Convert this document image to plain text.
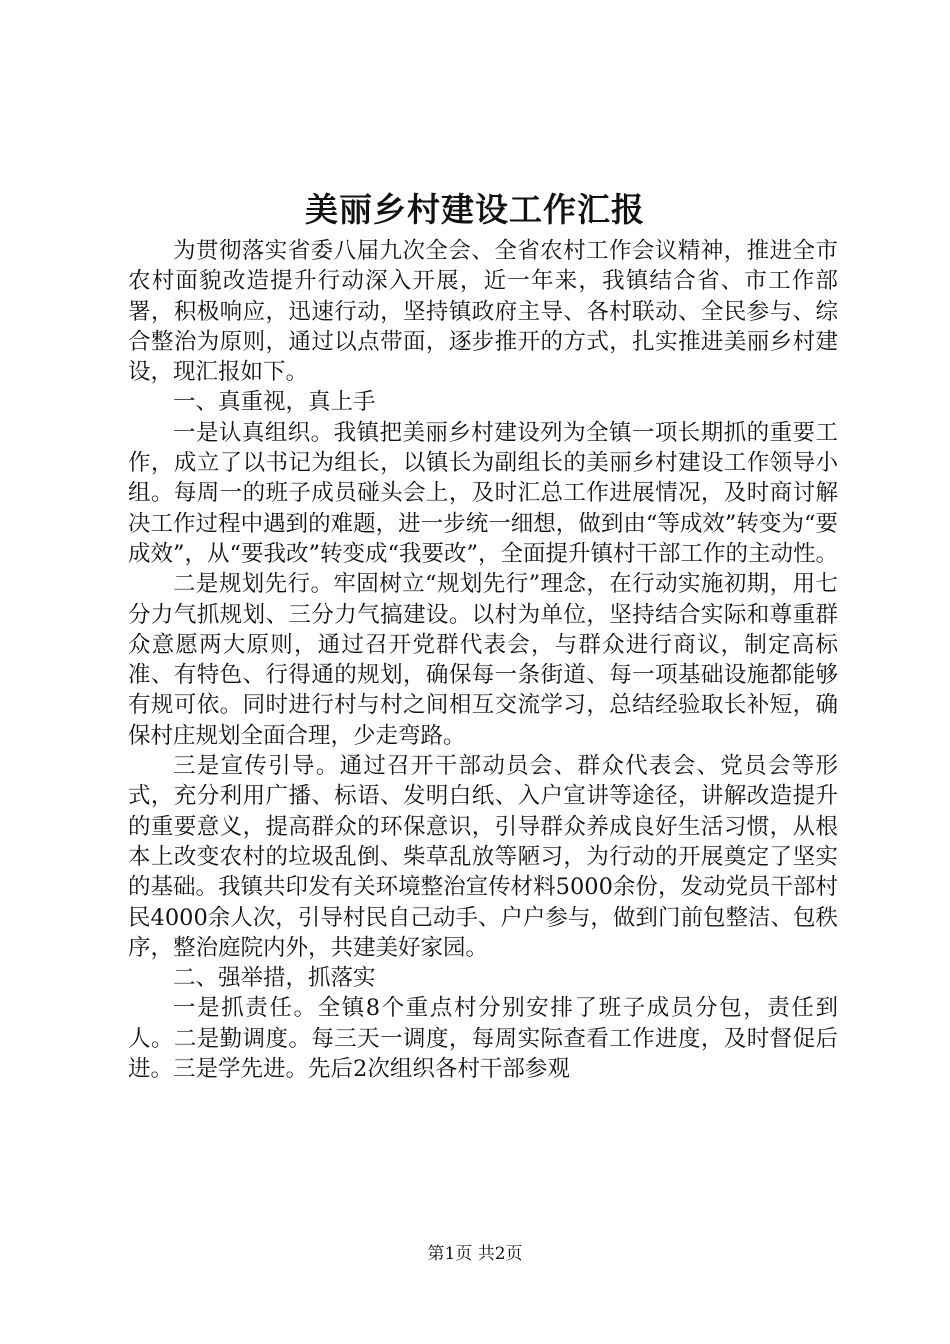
美丽乡村建设工作汇报

为贯彻落实省委八届九次全会、全省农村工作会议精神，推进全市农村面貌改造提升行动深入开展，近一年来，我镇结合省、市工作部署，积极响应，迅速行动，坚持镇政府主导、各村联动、全民参与、综合整治为原则，通过以点带面，逐步推开的方式，扎实推进美丽乡村建设，现汇报如下。

一、真重视，真上手

一是认真组织。我镇把美丽乡村建设列为全镇一项长期抓的重要工作，成立了以书记为组长，以镇长为副组长的美丽乡村建设工作领导小组。每周一的班子成员碰头会上，及时汇总工作进展情况，及时商讨解决工作过程中遇到的难题，进一步统一细想，做到由“等成效”转变为“要成效”，从“要我改”转变成“我要改”，全面提升镇村干部工作的主动性。

二是规划先行。牢固树立“规划先行”理念，在行动实施初期，用七分力气抓规划、三分力气搞建设。以村为单位，坚持结合实际和尊重群众意愿两大原则，通过召开党群代表会，与群众进行商议，制定高标准、有特色、行得通的规划，确保每一条街道、每一项基础设施都能够有规可依。同时进行村与村之间相互交流学习，总结经验取长补短，确保村庄规划全面合理，少走弯路。

三是宣传引导。通过召开干部动员会、群众代表会、党员会等形式，充分利用广播、标语、发明白纸、入户宣讲等途径，讲解改造提升的重要意义，提高群众的环保意识，引导群众养成良好生活习惯，从根本上改变农村的垃圾乱倒、柴草乱放等陋习，为行动的开展奠定了坚实的基础。我镇共印发有关环境整治宣传材料5000余份，发动党员干部村民4000余人次，引导村民自己动手、户户参与，做到门前包整洁、包秩序，整治庭院内外，共建美好家园。

二、强举措，抓落实

一是抓责任。全镇8个重点村分别安排了班子成员分包，责任到人。二是勤调度。每三天一调度，每周实际查看工作进度，及时督促后进。三是学先进。先后2次组织各村干部参观

第1页 共2页
